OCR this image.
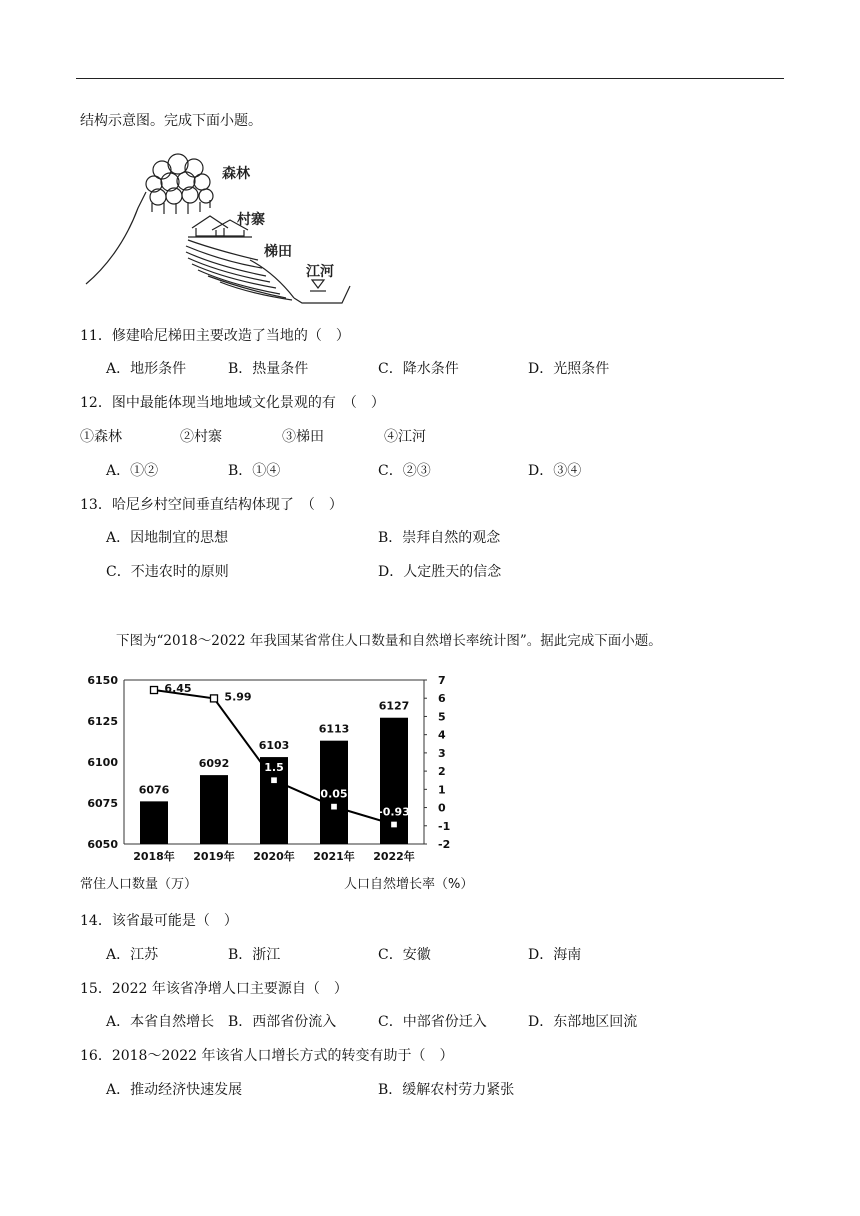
结构示意图。完成下面小题。
森林
村寨
梯田
江河
11．修建哈尼梯田主要改造了当地的（　）
A．地形条件	B．热量条件	C．降水条件	D．光照条件
12．图中最能体现当地地域文化景观的有　（　）
①森林	②村寨	③梯田	④江河
A．①②	B．①④	C．②③	D．③④
13．哈尼乡村空间垂直结构体现了　（　）
A．因地制宜的思想	B．崇拜自然的观念
C．不违农时的原则	D．人定胜天的信念
下图为“2018～2022 年我国某省常住人口数量和自然增长率统计图”。据此完成下面小题。
6150
6125
6100
6075
6050
7
6
5
4
3
2
1
0
-1
-2
2018年 2019年 2020年 2021年 2022年
6076
6092
6103
6113
6127
6.45
5.99
1.5
0.05
-0.93
常住人口数量（万）	人口自然增长率（%）
14．该省最可能是（　）
A．江苏	B．浙江	C．安徽	D．海南
15．2022 年该省净增人口主要源自（　）
A．本省自然增长 B．西部省份流入	C．中部省份迁入	D．东部地区回流
16．2018～2022 年该省人口增长方式的转变有助于（　）
A．推动经济快速发展	B．缓解农村劳力紧张
